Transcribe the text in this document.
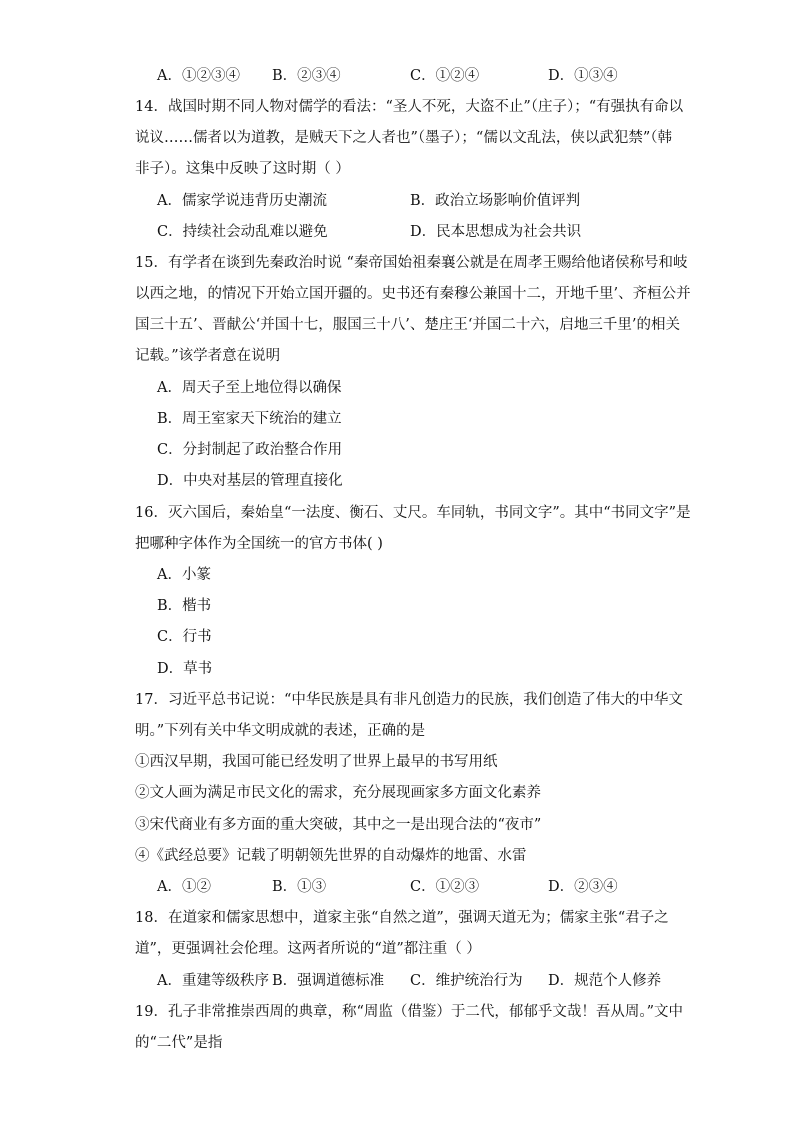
A．①②③④ B．②③④	C．①②④	D．①③④
14．战国时期不同人物对儒学的看法：“圣人不死，大盗不止”（庄子）；“有强执有命以
说议……儒者以为道教，是贼天下之人者也”（墨子）；“儒以文乱法，侠以武犯禁”（韩
非子）。这集中反映了这时期（ ）
A．儒家学说违背历史潮流	B．政治立场影响价值评判
C．持续社会动乱难以避免	D．民本思想成为社会共识
15．有学者在谈到先秦政治时说 “秦帝国始祖秦襄公就是在周孝王赐给他诸侯称号和岐
以西之地，的情况下开始立国开疆的。史书还有秦穆公兼国十二，开地千里’、齐桓公并
国三十五’、晋献公‘并国十七，服国三十八’、楚庄王‘并国二十六，启地三千里’的相关
记载。”该学者意在说明
A．周天子至上地位得以确保
B．周王室家天下统治的建立
C．分封制起了政治整合作用
D．中央对基层的管理直接化
16．灭六国后，秦始皇“一法度、衡石、丈尺。车同轨，书同文字”。其中“书同文字”是
把哪种字体作为全国统一的官方书体( )
A．小篆
B．楷书
C．行书
D．草书
17．习近平总书记说：“中华民族是具有非凡创造力的民族，我们创造了伟大的中华文
明。”下列有关中华文明成就的表述，正确的是
①西汉早期，我国可能已经发明了世界上最早的书写用纸
②文人画为满足市民文化的需求，充分展现画家多方面文化素养
③宋代商业有多方面的重大突破，其中之一是出现合法的“夜市”
④《武经总要》记载了明朝领先世界的自动爆炸的地雷、水雷
A．①②	B．①③	C．①②③	D．②③④
18．在道家和儒家思想中，道家主张“自然之道”，强调天道无为；儒家主张“君子之
道”，更强调社会伦理。这两者所说的“道”都注重（ ）
A．重建等级秩序 B．强调道德标准 C．维护统治行为 D．规范个人修养
19．孔子非常推崇西周的典章，称“周监（借鉴）于二代，郁郁乎文哉！吾从周。”文中
的“二代”是指
